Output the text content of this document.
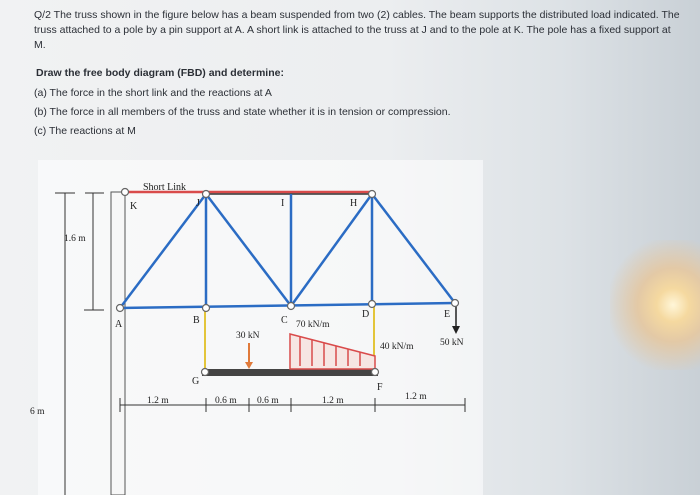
Q/2 The truss shown in the figure below has a beam suspended from two (2) cables. The beam supports the distributed load indicated. The truss attached to a pole by a pin support at A. A short link is attached to the truss at J and to the pole at K. The pole has a fixed support at M.

Draw the free body diagram (FBD) and determine:
(a) The force in the short link and the reactions at A
(b) The force in all members of the truss and state whether it is in tension or compression.
(c) The reactions at M
Short Link
K	J	I	H
A	B	C
D	E
G
F
1.6 m
6 m
30 kN
70 kN/m
40 kN/m	50 kN
1.2 m	0.6 m 0.6 m	1.2 m	1.2 m
